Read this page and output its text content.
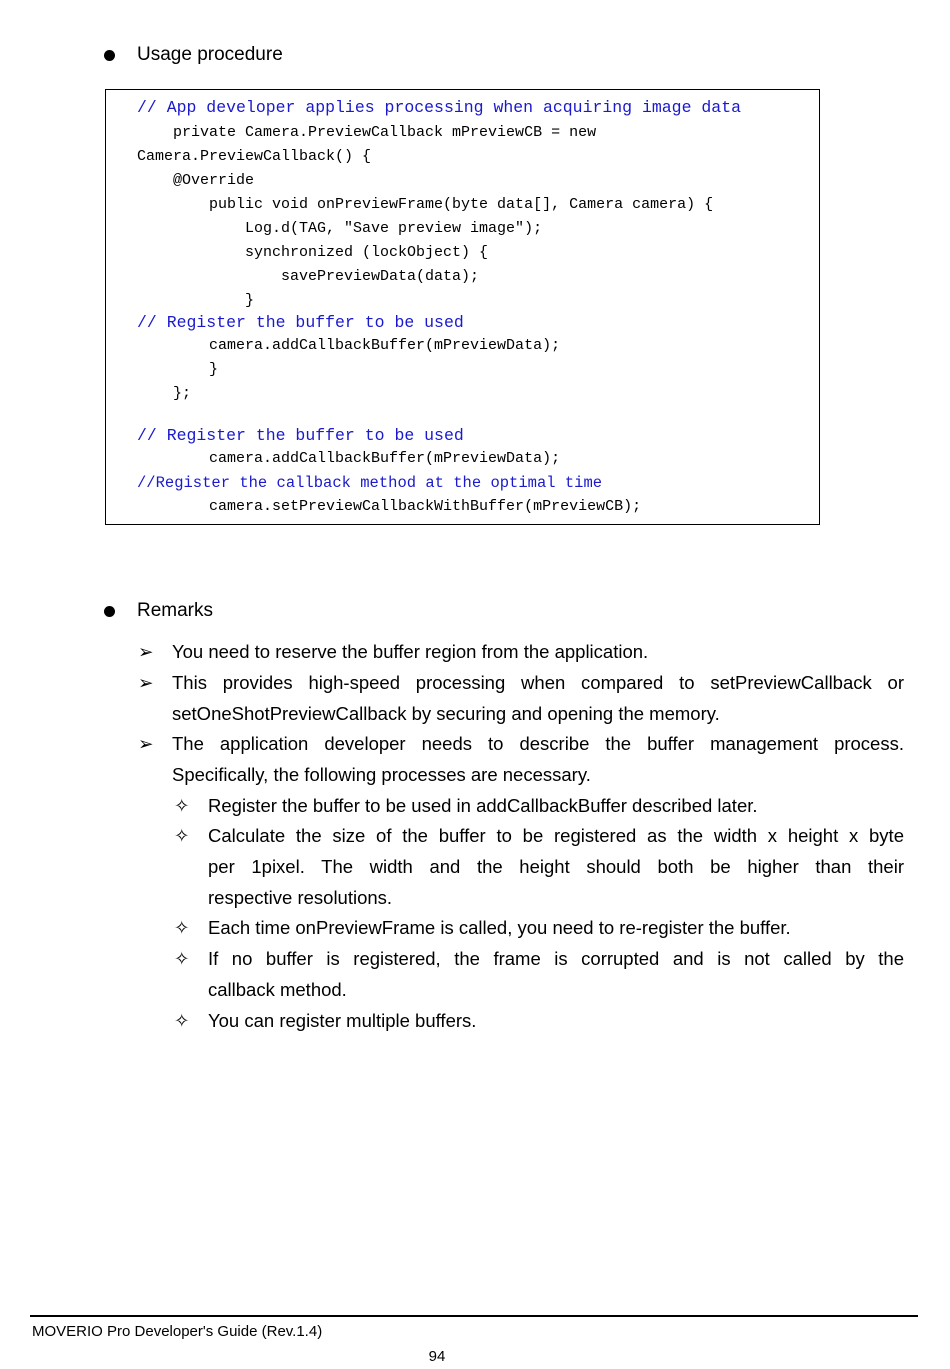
Usage procedure
// App developer applies processing when acquiring image data
private Camera.PreviewCallback mPreviewCB = new
Camera.PreviewCallback() {
@Override
public void onPreviewFrame(byte data[], Camera camera) {
Log.d(TAG, "Save preview image");
synchronized (lockObject) {
savePreviewData(data);
}
// Register the buffer to be used
camera.addCallbackBuffer(mPreviewData);
}
};
// Register the buffer to be used
camera.addCallbackBuffer(mPreviewData);
//Register the callback method at the optimal time
camera.setPreviewCallbackWithBuffer(mPreviewCB);
Remarks
➢ You need to reserve the buffer region from the application.
➢ This provides high-speed processing when compared to setPreviewCallback or
setOneShotPreviewCallback by securing and opening the memory.
➢ The application developer needs to describe the buffer management process.
Specifically, the following processes are necessary.
✧ Register the buffer to be used in addCallbackBuffer described later.
✧ Calculate the size of the buffer to be registered as the width x height x byte
per 1pixel. The width and the height should both be higher than their
respective resolutions.
✧ Each time onPreviewFrame is called, you need to re-register the buffer.
✧ If no buffer is registered, the frame is corrupted and is not called by the
callback method.
✧ You can register multiple buffers.
MOVERIO Pro Developer's Guide (Rev.1.4)
94
